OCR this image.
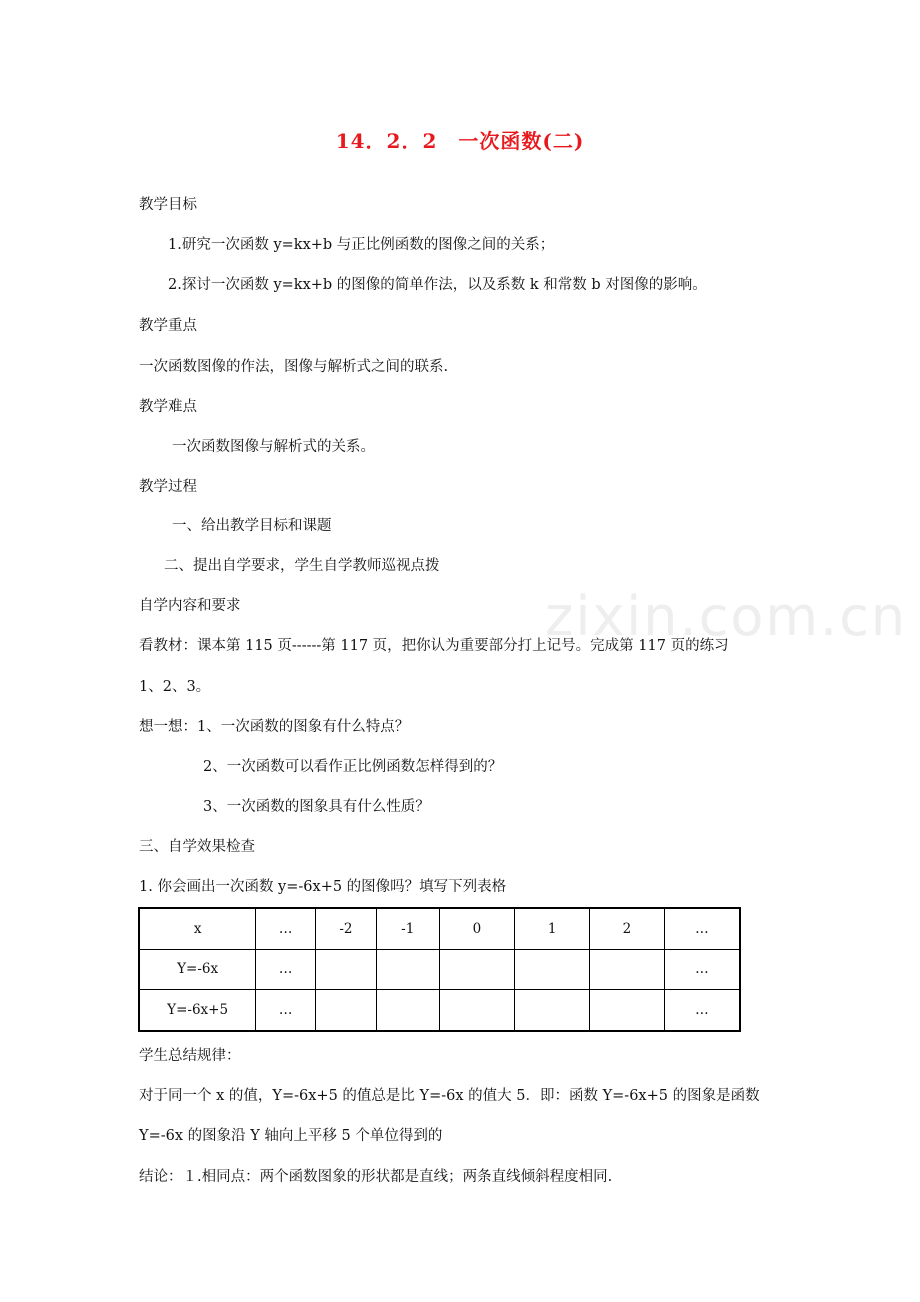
zixin.com.cn
14．2．2　一次函数(二)
教学目标
1.研究一次函数 y=kx+b 与正比例函数的图像之间的关系；
2.探讨一次函数 y=kx+b 的图像的简单作法，以及系数 k 和常数 b 对图像的影响。
教学重点
一次函数图像的作法，图像与解析式之间的联系.
教学难点
一次函数图像与解析式的关系。
教学过程
一、给出教学目标和课题
二、提出自学要求，学生自学教师巡视点拨
自学内容和要求
看教材：课本第 115 页------第 117 页，把你认为重要部分打上记号。完成第 117 页的练习
1、2、3。
想一想：1、一次函数的图象有什么特点？
2、一次函数可以看作正比例函数怎样得到的？
3、一次函数的图象具有什么性质？
三、自学效果检查
1. 你会画出一次函数 y=-6x+5 的图像吗？填写下列表格
x	…	-2	-1	0	1	2	…
Y=-6x	…						…
Y=-6x+5	…						…
学生总结规律：
对于同一个 x 的值，Y=-6x+5 的值总是比 Y=-6x 的值大 5．即：函数 Y=-6x+5 的图象是函数
Y=-6x 的图象沿 Y 轴向上平移 5 个单位得到的
结论：１.相同点：两个函数图象的形状都是直线；两条直线倾斜程度相同.
